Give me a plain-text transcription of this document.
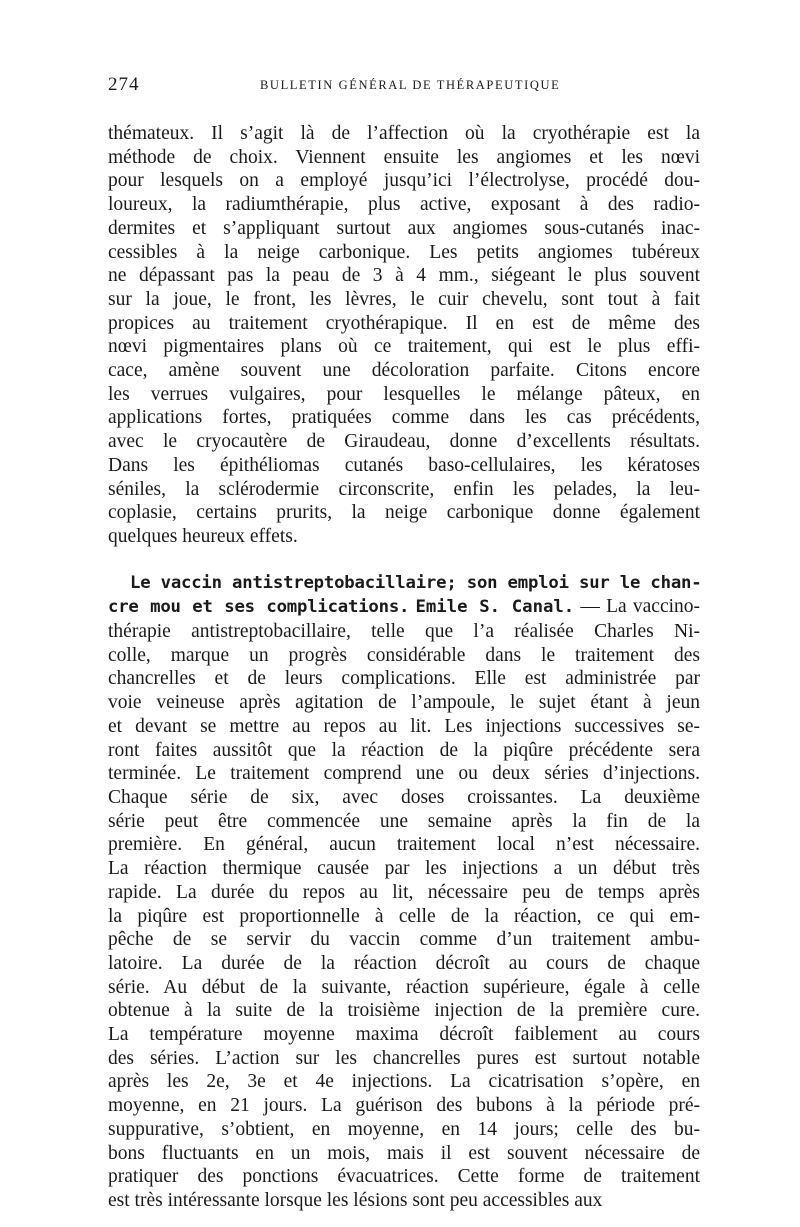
274	BULLETIN GÉNÉRAL DE THÉRAPEUTIQUE
thémateux. Il s’agit là de l’affection où la cryothérapie est la
méthode de choix. Viennent ensuite les angiomes et les nœvi
pour lesquels on a employé jusqu’ici l’électrolyse, procédé dou-
loureux, la radiumthérapie, plus active, exposant à des radio-
dermites et s’appliquant surtout aux angiomes sous-cutanés inac-
cessibles à la neige carbonique. Les petits angiomes tubéreux
ne dépassant pas la peau de 3 à 4 mm., siégeant le plus souvent
sur la joue, le front, les lèvres, le cuir chevelu, sont tout à fait
propices au traitement cryothérapique. Il en est de même des
nœvi pigmentaires plans où ce traitement, qui est le plus effi-
cace, amène souvent une décoloration parfaite. Citons encore
les verrues vulgaires, pour lesquelles le mélange pâteux, en
applications fortes, pratiquées comme dans les cas précédents,
avec le cryocautère de Giraudeau, donne d’excellents résultats.
Dans les épithéliomas cutanés baso-cellulaires, les kératoses
séniles, la sclérodermie circonscrite, enfin les pelades, la leu-
coplasie, certains prurits, la neige carbonique donne également
quelques heureux effets.
Le vaccin antistreptobacillaire; son emploi sur le chan-
cre mou et ses complications. Emile S. Canal. — La vaccino-
thérapie antistreptobacillaire, telle que l’a réalisée Charles Ni-
colle, marque un progrès considérable dans le traitement des
chancrelles et de leurs complications. Elle est administrée par
voie veineuse après agitation de l’ampoule, le sujet étant à jeun
et devant se mettre au repos au lit. Les injections successives se-
ront faites aussitôt que la réaction de la piqûre précédente sera
terminée. Le traitement comprend une ou deux séries d’injections.
Chaque série de six, avec doses croissantes. La deuxième
série peut être commencée une semaine après la fin de la
première. En général, aucun traitement local n’est nécessaire.
La réaction thermique causée par les injections a un début très
rapide. La durée du repos au lit, nécessaire peu de temps après
la piqûre est proportionnelle à celle de la réaction, ce qui em-
pêche de se servir du vaccin comme d’un traitement ambu-
latoire. La durée de la réaction décroît au cours de chaque
série. Au début de la suivante, réaction supérieure, égale à celle
obtenue à la suite de la troisième injection de la première cure.
La température moyenne maxima décroît faiblement au cours
des séries. L’action sur les chancrelles pures est surtout notable
après les 2e, 3e et 4e injections. La cicatrisation s’opère, en
moyenne, en 21 jours. La guérison des bubons à la période pré-
suppurative, s’obtient, en moyenne, en 14 jours; celle des bu-
bons fluctuants en un mois, mais il est souvent nécessaire de
pratiquer des ponctions évacuatrices. Cette forme de traitement
est très intéressante lorsque les lésions sont peu accessibles aux
